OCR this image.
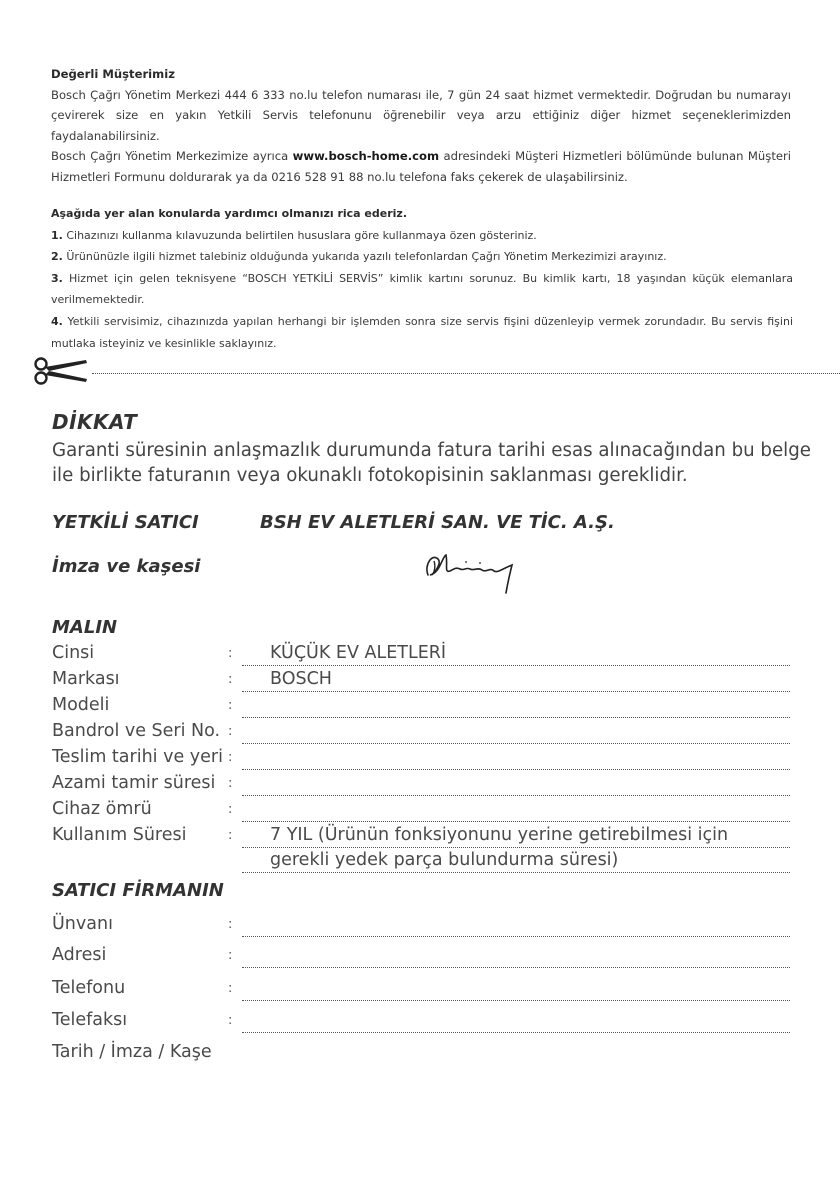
Değerli Müşterimiz

Bosch Çağrı Yönetim Merkezi 444 6 333 no.lu telefon numarası ile, 7 gün 24 saat hizmet vermektedir. Doğrudan bu numarayı çevirerek size en yakın Yetkili Servis telefonunu öğrenebilir veya arzu ettiğiniz diğer hizmet seçeneklerimizden faydalanabilirsiniz.

Bosch Çağrı Yönetim Merkezimize ayrıca www.bosch-home.com adresindeki Müşteri Hizmetleri bölümünde bulunan Müşteri Hizmetleri Formunu doldurarak ya da 0216 528 91 88 no.lu telefona faks çekerek de ulaşabilirsiniz.

Aşağıda yer alan konularda yardımcı olmanızı rica ederiz.

1. Cihazınızı kullanma kılavuzunda belirtilen hususlara göre kullanmaya özen gösteriniz.

2. Ürününüzle ilgili hizmet talebiniz olduğunda yukarıda yazılı telefonlardan Çağrı Yönetim Merkezimizi arayınız.

3. Hizmet için gelen teknisyene “BOSCH YETKİLİ SERVİS” kimlik kartını sorunuz. Bu kimlik kartı, 18 yaşından küçük elemanlara verilmemektedir.

4. Yetkili servisimiz, cihazınızda yapılan herhangi bir işlemden sonra size servis fişini düzenleyip vermek zorundadır. Bu servis fişini mutlaka isteyiniz ve kesinlikle saklayınız.

DİKKAT

Garanti süresinin anlaşmazlık durumunda fatura tarihi esas alınacağından bu belge

ile birlikte faturanın veya okunaklı fotokopisinin saklanması gereklidir.

YETKİLİ SATICI	BSH EV ALETLERİ SAN. VE TİC. A.Ş.
İmza ve kaşesi
MALIN
Cinsi	: KÜÇÜK EV ALETLERİ
Markası	: BOSCH
Modeli	:
Bandrol ve Seri No. :
Teslim tarihi ve yeri :
Azami tamir süresi :
Cihaz ömrü	:
Kullanım Süresi	: 7 YIL (Ürünün fonksiyonunu yerine getirebilmesi için
gerekli yedek parça bulundurma süresi)
SATICI FİRMANIN
Ünvanı	:
Adresi	:
Telefonu	:
Telefaksı	:
Tarih / İmza / Kaşe
